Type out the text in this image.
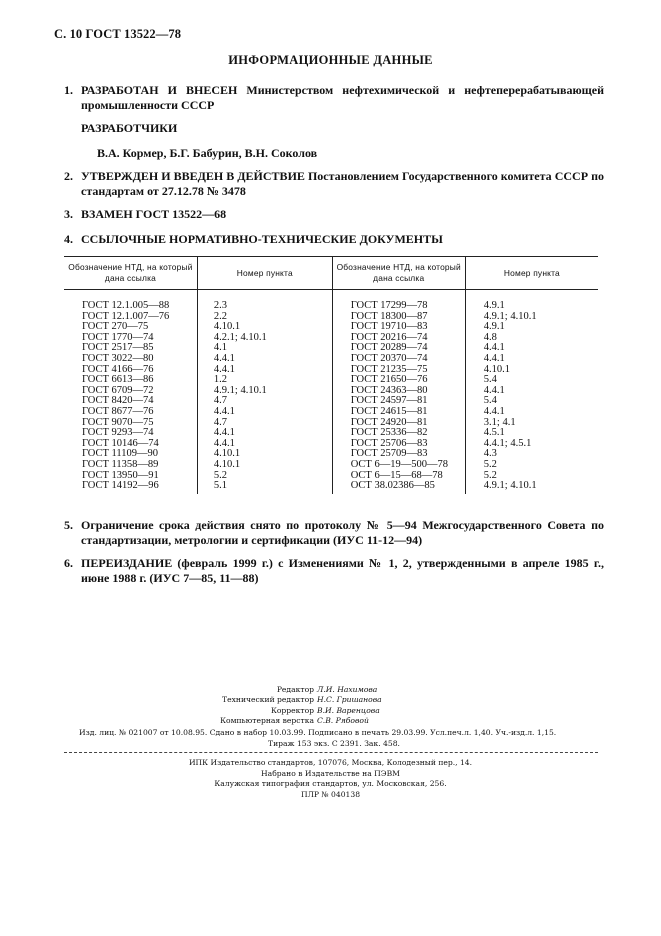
С. 10 ГОСТ 13522—78
ИНФОРМАЦИОННЫЕ ДАННЫЕ
1. РАЗРАБОТАН И ВНЕСЕН Министерством нефтехимической и нефтеперерабатывающей промышленности СССР
РАЗРАБОТЧИКИ
В.А. Кормер, Б.Г. Бабурин, В.Н. Соколов
2. УТВЕРЖДЕН И ВВЕДЕН В ДЕЙСТВИЕ Постановлением Государственного комитета СССР по стандартам от 27.12.78 № 3478
3. ВЗАМЕН ГОСТ 13522—68
4. ССЫЛОЧНЫЕ НОРМАТИВНО-ТЕХНИЧЕСКИЕ ДОКУМЕНТЫ
Обозначение НТД, на который дана ссылка	Номер пункта	Обозначение НТД, на который дана ссылка	Номер пункта

ГОСТ 12.1.005—88	2.3	ГОСТ 17299—78	4.9.1
ГОСТ 12.1.007—76	2.2	ГОСТ 18300—87	4.9.1; 4.10.1
ГОСТ 270—75	4.10.1	ГОСТ 19710—83	4.9.1
ГОСТ 1770—74	4.2.1; 4.10.1	ГОСТ 20216—74	4.8
ГОСТ 2517—85	4.1	ГОСТ 20289—74	4.4.1
ГОСТ 3022—80	4.4.1	ГОСТ 20370—74	4.4.1
ГОСТ 4166—76	4.4.1	ГОСТ 21235—75	4.10.1
ГОСТ 6613—86	1.2	ГОСТ 21650—76	5.4
ГОСТ 6709—72	4.9.1; 4.10.1	ГОСТ 24363—80	4.4.1
ГОСТ 8420—74	4.7	ГОСТ 24597—81	5.4
ГОСТ 8677—76	4.4.1	ГОСТ 24615—81	4.4.1
ГОСТ 9070—75	4.7	ГОСТ 24920—81	3.1; 4.1
ГОСТ 9293—74	4.4.1	ГОСТ 25336—82	4.5.1
ГОСТ 10146—74	4.4.1	ГОСТ 25706—83	4.4.1; 4.5.1
ГОСТ 11109—90	4.10.1	ГОСТ 25709—83	4.3
ГОСТ 11358—89	4.10.1	ОСТ 6—19—500—78	5.2
ГОСТ 13950—91	5.2	ОСТ 6—15—68—78	5.2
ГОСТ 14192—96	5.1	ОСТ 38.02386—85	4.9.1; 4.10.1
5. Ограничение срока действия снято по протоколу № 5—94 Межгосударственного Совета по стандартизации, метрологии и сертификации (ИУС 11-12—94)
6. ПЕРЕИЗДАНИЕ (февраль 1999 г.) с Изменениями № 1, 2, утвержденными в апреле 1985 г., июне 1988 г. (ИУС 7—85, 11—88)
Редактор Л.И. Нахимова
Технический редактор Н.С. Гришанова
Корректор В.И. Варенцова
Компьютерная верстка С.В. Рябовой
Изд. лиц. № 021007 от 10.08.95. Сдано в набор 10.03.99. Подписано в печать 29.03.99. Усл.печ.л. 1,40. Уч.-изд.л. 1,15.
Тираж 153 экз. С 2391. Зак. 458.
ИПК Издательство стандартов, 107076, Москва, Колодезный пер., 14.
Набрано в Издательстве на ПЭВМ
Калужская типография стандартов, ул. Московская, 256.
ПЛР № 040138
